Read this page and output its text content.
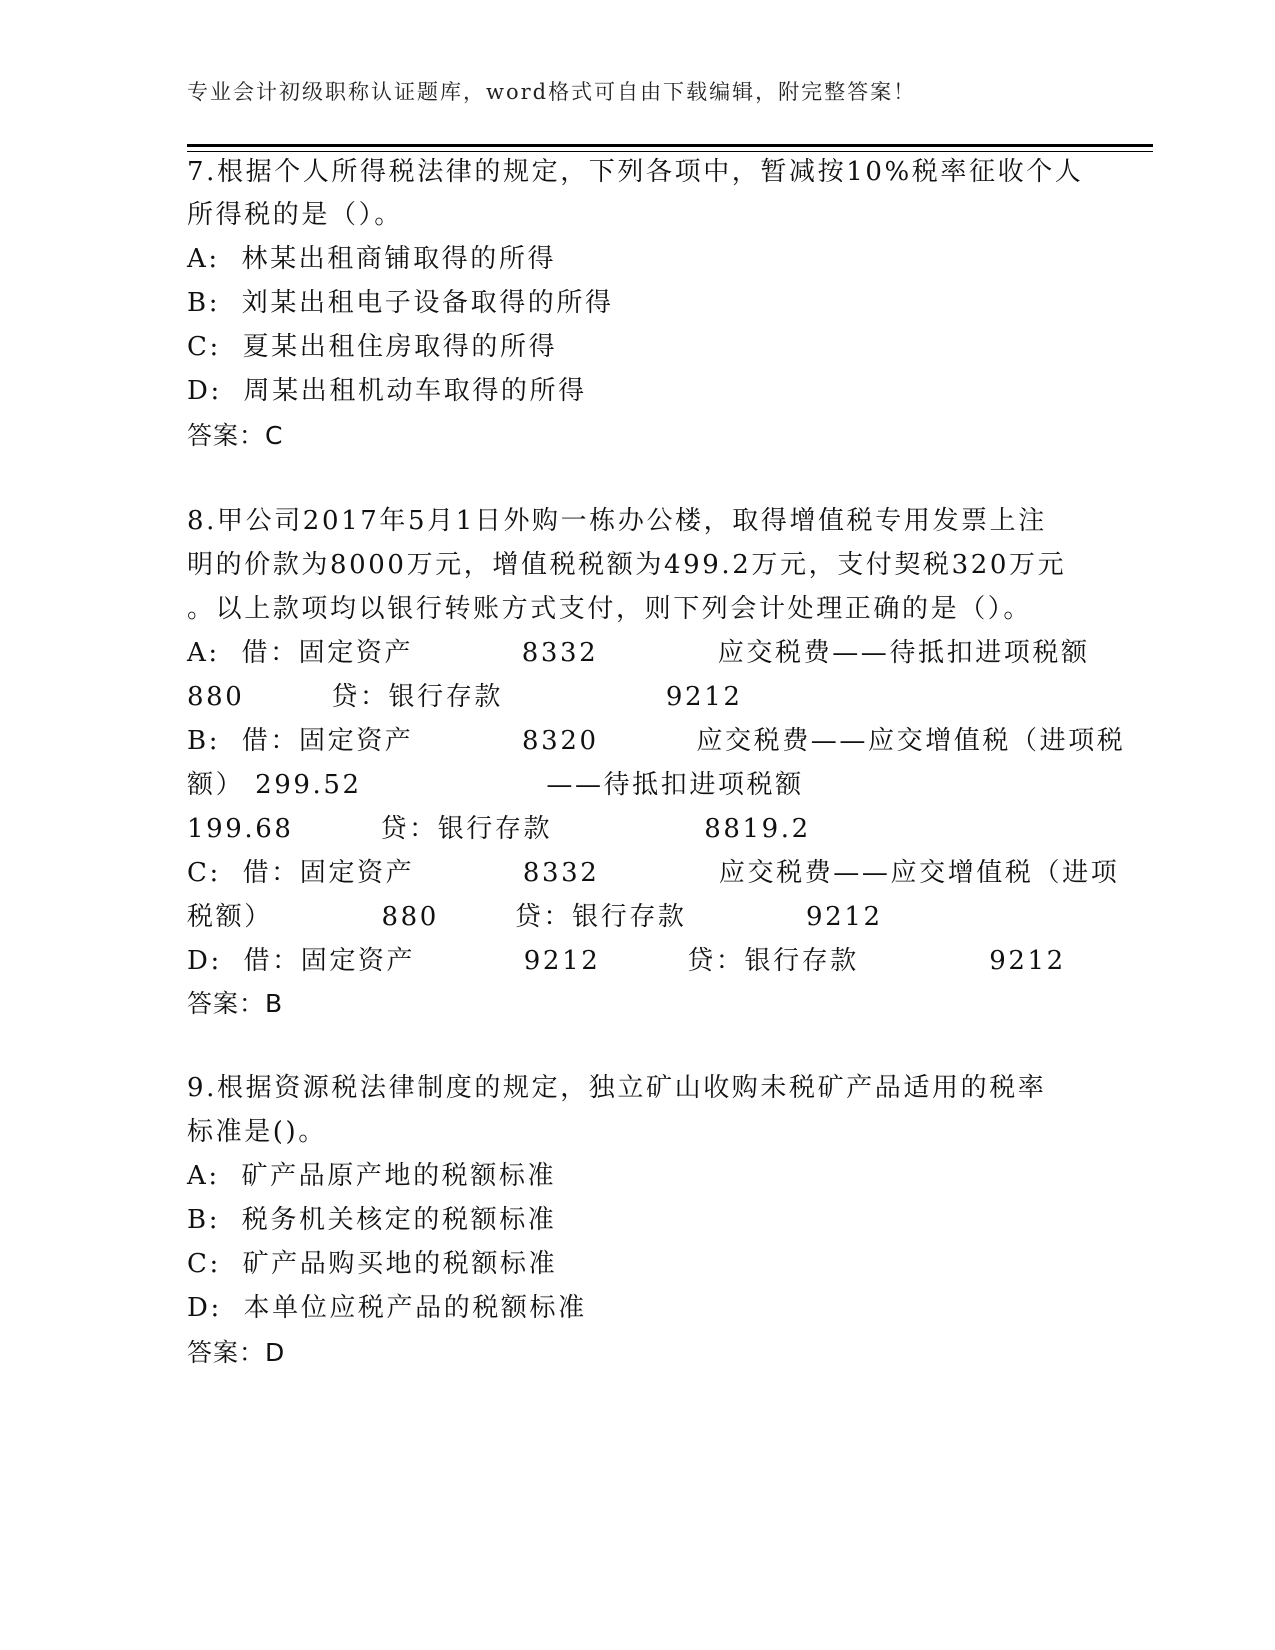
专业会计初级职称认证题库，word格式可自由下载编辑，附完整答案！
7.根据个人所得税法律的规定，下列各项中，暂减按10%税率征收个人
所得税的是（）。
A:  林某出租商铺取得的所得
B:  刘某出租电子设备取得的所得
C:  夏某出租住房取得的所得
D:  周某出租机动车取得的所得
答案：C
8.甲公司2017年5月1日外购一栋办公楼，取得增值税专用发票上注
明的价款为8000万元，增值税税额为499.2万元，支付契税320万元
。以上款项均以银行转账方式支付，则下列会计处理正确的是（）。
A:  借：固定资产          8332           应交税费——待抵扣进项税额
880        贷：银行存款               9212
B:  借：固定资产          8320         应交税费——应交增值税（进项税
额） 299.52                 ——待抵扣进项税额
199.68        贷：银行存款              8819.2
C:  借：固定资产          8332           应交税费——应交增值税（进项
税额）          880       贷：银行存款           9212
D:  借：固定资产          9212        贷：银行存款            9212
答案：B
9.根据资源税法律制度的规定，独立矿山收购未税矿产品适用的税率
标准是()。
A:  矿产品原产地的税额标准
B:  税务机关核定的税额标准
C:  矿产品购买地的税额标准
D:  本单位应税产品的税额标准
答案：D
